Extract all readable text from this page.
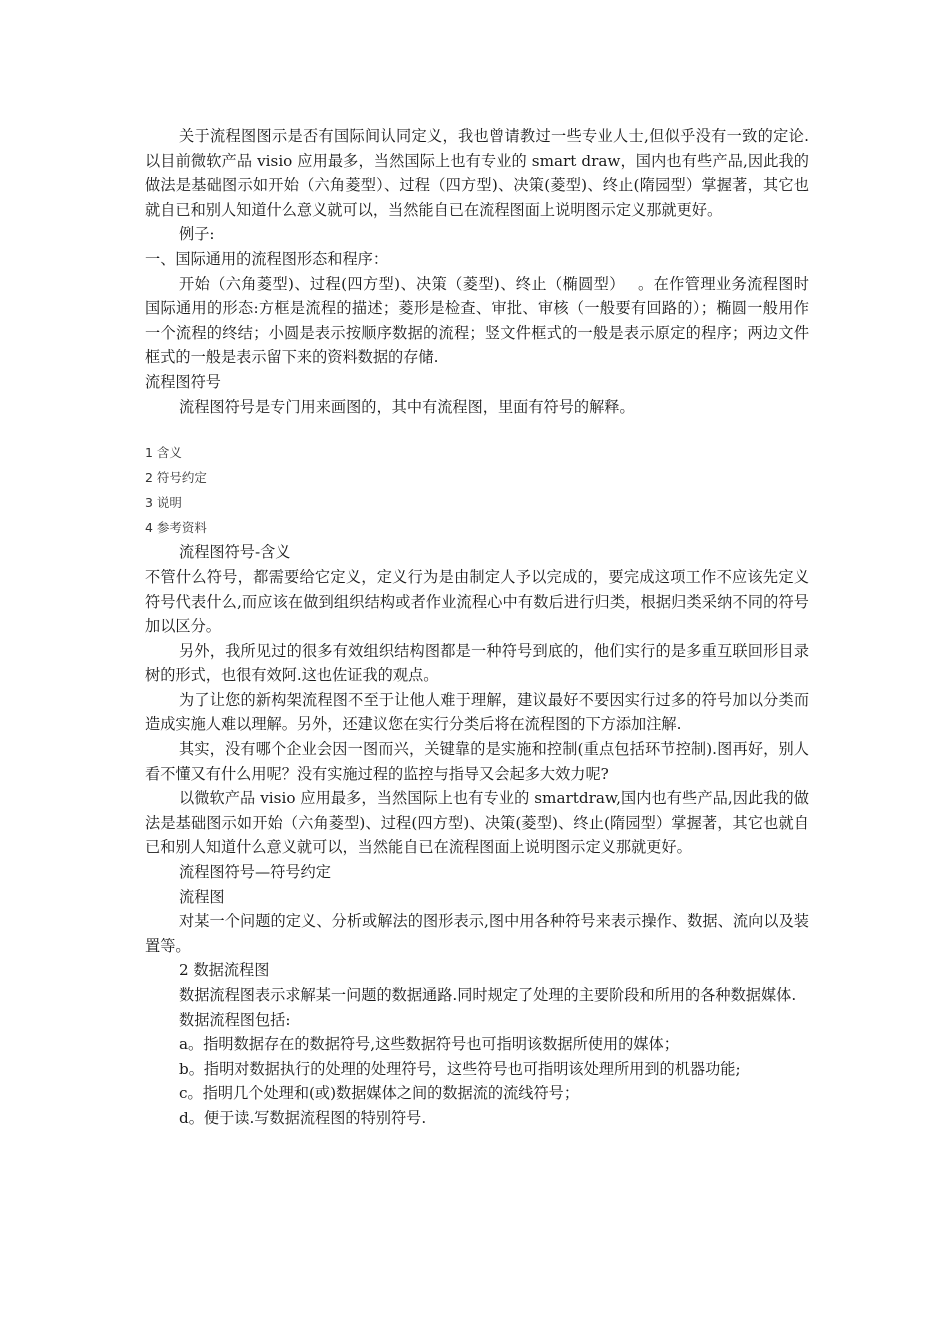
关于流程图图示是否有国际间认同定义，我也曾请教过一些专业人士,但似乎没有一致的定论.以目前微软产品 visio 应用最多，当然国际上也有专业的 smart draw，国内也有些产品,因此我的做法是基础图示如开始（六角菱型）、过程（四方型)、决策(菱型)、终止(隋园型）掌握著，其它也就自已和别人知道什么意义就可以，当然能自已在流程图面上说明图示定义那就更好。

例子:

一、国际通用的流程图形态和程序：

开始（六角菱型)、过程(四方型)、决策（菱型)、终止（椭圆型）　 。在作管理业务流程图时 国际通用的形态:方框是流程的描述；菱形是检查、审批、审核（一般要有回路的）；椭圆一般用作一个流程的终结；小圆是表示按顺序数据的流程；竖文件框式的一般是表示原定的程序；两边文件框式的一般是表示留下来的资料数据的存储.

流程图符号

流程图符号是专门用来画图的，其中有流程图，里面有符号的解释。

1 含义

2 符号约定

3 说明

4 参考资料

流程图符号-含义

不管什么符号，都需要给它定义，定义行为是由制定人予以完成的，要完成这项工作不应该先定义符号代表什么,而应该在做到组织结构或者作业流程心中有数后进行归类，根据归类采纳不同的符号加以区分。

另外，我所见过的很多有效组织结构图都是一种符号到底的，他们实行的是多重互联回形目录树的形式，也很有效阿.这也佐证我的观点。

为了让您的新构架流程图不至于让他人难于理解，建议最好不要因实行过多的符号加以分类而造成实施人难以理解。另外，还建议您在实行分类后将在流程图的下方添加注解.

其实，没有哪个企业会因一图而兴，关键靠的是实施和控制(重点包括环节控制).图再好，别人看不懂又有什么用呢？没有实施过程的监控与指导又会起多大效力呢?

以微软产品 visio 应用最多，当然国际上也有专业的 smartdraw,国内也有些产品,因此我的做法是基础图示如开始（六角菱型)、过程(四方型)、决策(菱型)、终止(隋园型）掌握著，其它也就自已和别人知道什么意义就可以，当然能自已在流程图面上说明图示定义那就更好。

流程图符号—符号约定

流程图

对某一个问题的定义、分析或解法的图形表示,图中用各种符号来表示操作、数据、流向以及装置等。

2 数据流程图

数据流程图表示求解某一问题的数据通路.同时规定了处理的主要阶段和所用的各种数据媒体.

数据流程图包括:

a。指明数据存在的数据符号,这些数据符号也可指明该数据所使用的媒体；

b。指明对数据执行的处理的处理符号，这些符号也可指明该处理所用到的机器功能;

c。指明几个处理和(或)数据媒体之间的数据流的流线符号；

d。便于读.写数据流程图的特别符号.
